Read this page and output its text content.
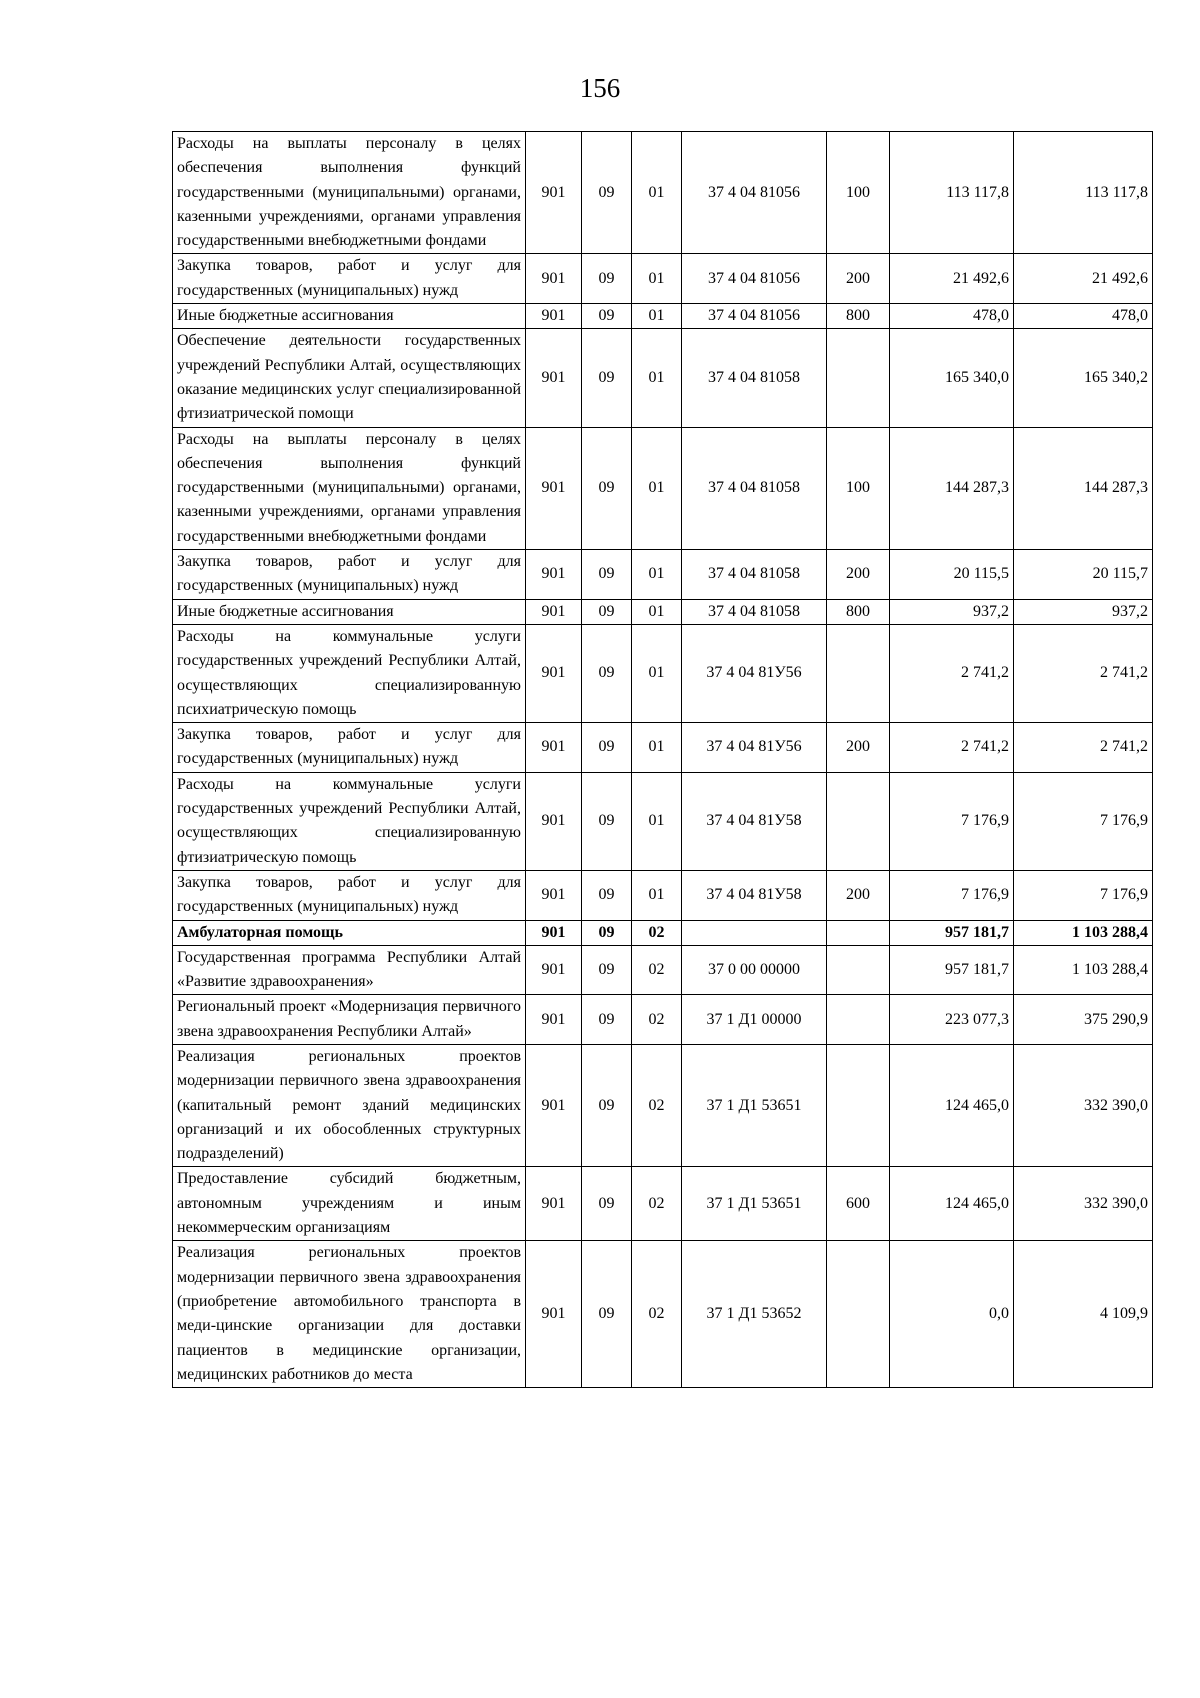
156
Расходы на выплаты персоналу в целях обеспечения выполнения функций государственными (муниципальными) органами, казенными учреждениями, органами управления государственными внебюджетными фондами	901	09	01	37 4 04 81056	100	113 117,8	113 117,8
Закупка товаров, работ и услуг для государственных (муниципальных) нужд	901	09	01	37 4 04 81056	200	21 492,6	21 492,6
Иные бюджетные ассигнования	901	09	01	37 4 04 81056	800	478,0	478,0
Обеспечение деятельности государственных учреждений Республики Алтай, осуществляющих оказание медицинских услуг специализированной фтизиатрической помощи	901	09	01	37 4 04 81058		165 340,0	165 340,2
Расходы на выплаты персоналу в целях обеспечения выполнения функций государственными (муниципальными) органами, казенными учреждениями, органами управления государственными внебюджетными фондами	901	09	01	37 4 04 81058	100	144 287,3	144 287,3
Закупка товаров, работ и услуг для государственных (муниципальных) нужд	901	09	01	37 4 04 81058	200	20 115,5	20 115,7
Иные бюджетные ассигнования	901	09	01	37 4 04 81058	800	937,2	937,2
Расходы на коммунальные услуги государственных учреждений Республики Алтай, осуществляющих специализированную психиатрическую помощь	901	09	01	37 4 04 81У56		2 741,2	2 741,2
Закупка товаров, работ и услуг для государственных (муниципальных) нужд	901	09	01	37 4 04 81У56	200	2 741,2	2 741,2
Расходы на коммунальные услуги государственных учреждений Республики Алтай, осуществляющих специализированную фтизиатрическую помощь	901	09	01	37 4 04 81У58		7 176,9	7 176,9
Закупка товаров, работ и услуг для государственных (муниципальных) нужд	901	09	01	37 4 04 81У58	200	7 176,9	7 176,9
Амбулаторная помощь	901	09	02			957 181,7	1 103 288,4
Государственная программа Республики Алтай «Развитие здравоохранения»	901	09	02	37 0 00 00000		957 181,7	1 103 288,4
Региональный проект «Модернизация первичного звена здравоохранения Республики Алтай»	901	09	02	37 1 Д1 00000		223 077,3	375 290,9
Реализация региональных проектов модернизации первичного звена здравоохранения (капитальный ремонт зданий медицинских организаций и их обособленных структурных подразделений)	901	09	02	37 1 Д1 53651		124 465,0	332 390,0
Предоставление субсидий бюджетным, автономным учреждениям и иным некоммерческим организациям	901	09	02	37 1 Д1 53651	600	124 465,0	332 390,0
Реализация региональных проектов модернизации первичного звена здравоохранения (приобретение автомобильного транспорта в меди-цинские организации для доставки пациентов в медицинские организации, медицинских работников до места	901	09	02	37 1 Д1 53652		0,0	4 109,9
